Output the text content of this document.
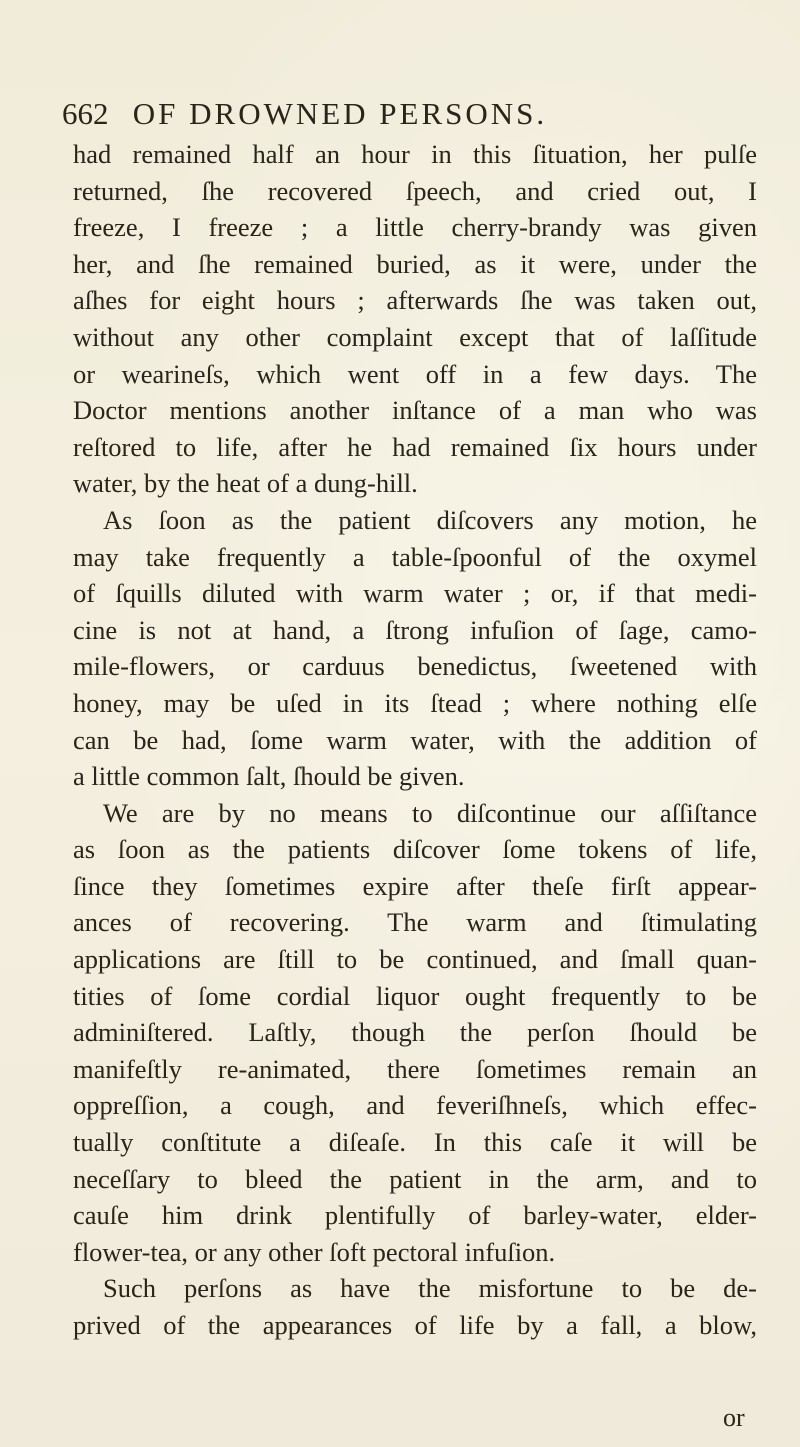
662 OF DROWNED PERSONS.
had remained half an hour in this ſituation, her pulſe
returned, ſhe recovered ſpeech, and cried out, I
freeze, I freeze ; a little cherry-brandy was given
her, and ſhe remained buried, as it were, under the
aſhes for eight hours ; afterwards ſhe was taken out,
without any other complaint except that of laſſitude
or wearineſs, which went off in a few days. The
Doctor mentions another inſtance of a man who was
reſtored to life, after he had remained ſix hours under
water, by the heat of a dung-hill.
As ſoon as the patient diſcovers any motion, he
may take frequently a table-ſpoonful of the oxymel
of ſquills diluted with warm water ; or, if that medi-
cine is not at hand, a ſtrong infuſion of ſage, camo-
mile-flowers, or carduus benedictus, ſweetened with
honey, may be uſed in its ſtead ; where nothing elſe
can be had, ſome warm water, with the addition of
a little common ſalt, ſhould be given.
We are by no means to diſcontinue our aſſiſtance
as ſoon as the patients diſcover ſome tokens of life,
ſince they ſometimes expire after theſe firſt appear-
ances of recovering. The warm and ſtimulating
applications are ſtill to be continued, and ſmall quan-
tities of ſome cordial liquor ought frequently to be
adminiſtered. Laſtly, though the perſon ſhould be
manifeſtly re-animated, there ſometimes remain an
oppreſſion, a cough, and feveriſhneſs, which effec-
tually conſtitute a diſeaſe. In this caſe it will be
neceſſary to bleed the patient in the arm, and to
cauſe him drink plentifully of barley-water, elder-
flower-tea, or any other ſoft pectoral infuſion.
Such perſons as have the misfortune to be de-
prived of the appearances of life by a fall, a blow,
or
